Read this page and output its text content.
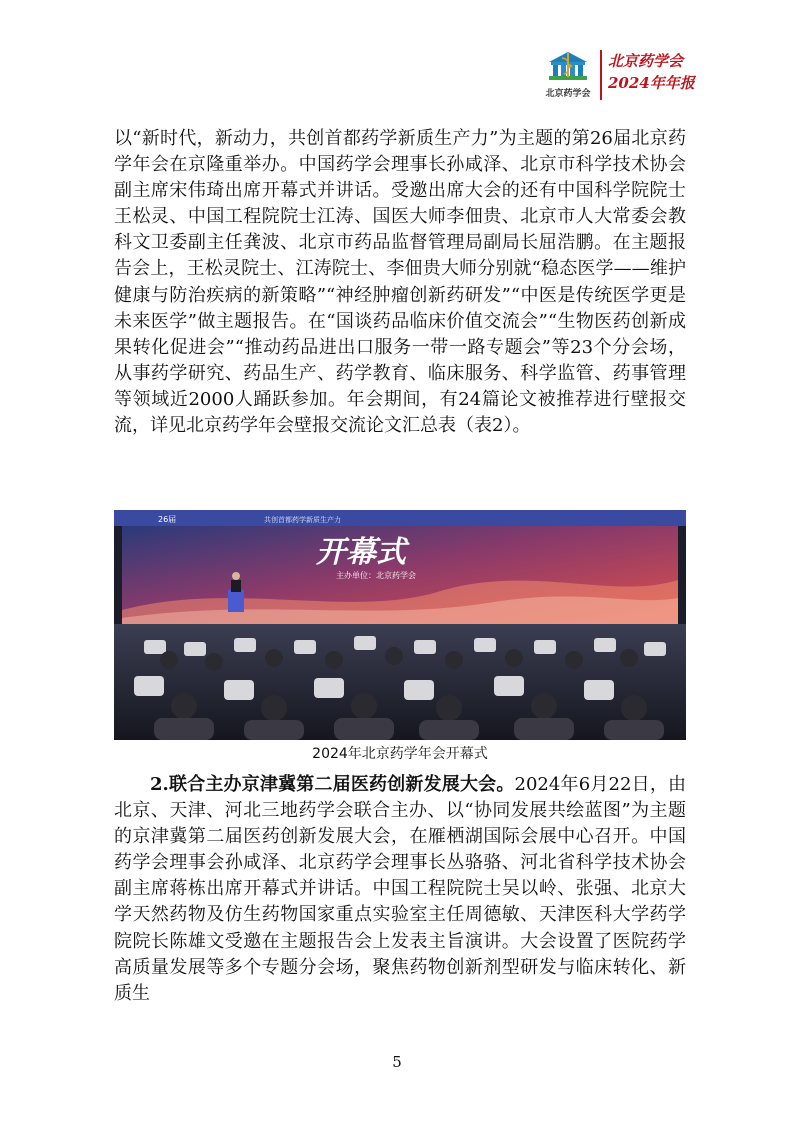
北京药学会
北京药学会
2024年年报

以“新时代，新动力，共创首都药学新质生产力”为主题的第26届北京药学年会在京隆重举办。中国药学会理事长孙咸泽、北京市科学技术协会副主席宋伟琦出席开幕式并讲话。受邀出席大会的还有中国科学院院士王松灵、中国工程院院士江涛、国医大师李佃贵、北京市人大常委会教科文卫委副主任龚波、北京市药品监督管理局副局长屈浩鹏。在主题报告会上，王松灵院士、江涛院士、李佃贵大师分别就“稳态医学——维护健康与防治疾病的新策略”“神经肿瘤创新药研发”“中医是传统医学更是未来医学”做主题报告。在“国谈药品临床价值交流会”“生物医药创新成果转化促进会”“推动药品进出口服务一带一路专题会”等23个分会场，从事药学研究、药品生产、药学教育、临床服务、科学监管、药事管理等领域近2000人踊跃参加。年会期间，有24篇论文被推荐进行壁报交流，详见北京药学年会壁报交流论文汇总表（表2）。

26届	共创首都药学新质生产力
开幕式
主办单位：北京药学会
2024年北京药学年会开幕式

2.联合主办京津冀第二届医药创新发展大会。2024年6月22日，由北京、天津、河北三地药学会联合主办、以“协同发展共绘蓝图”为主题的京津冀第二届医药创新发展大会，在雁栖湖国际会展中心召开。中国药学会理事会孙咸泽、北京药学会理事长丛骆骆、河北省科学技术协会副主席蒋栋出席开幕式并讲话。中国工程院院士吴以岭、张强、北京大学天然药物及仿生药物国家重点实验室主任周德敏、天津医科大学药学院院长陈雄文受邀在主题报告会上发表主旨演讲。大会设置了医院药学高质量发展等多个专题分会场，聚焦药物创新剂型研发与临床转化、新质生

5
